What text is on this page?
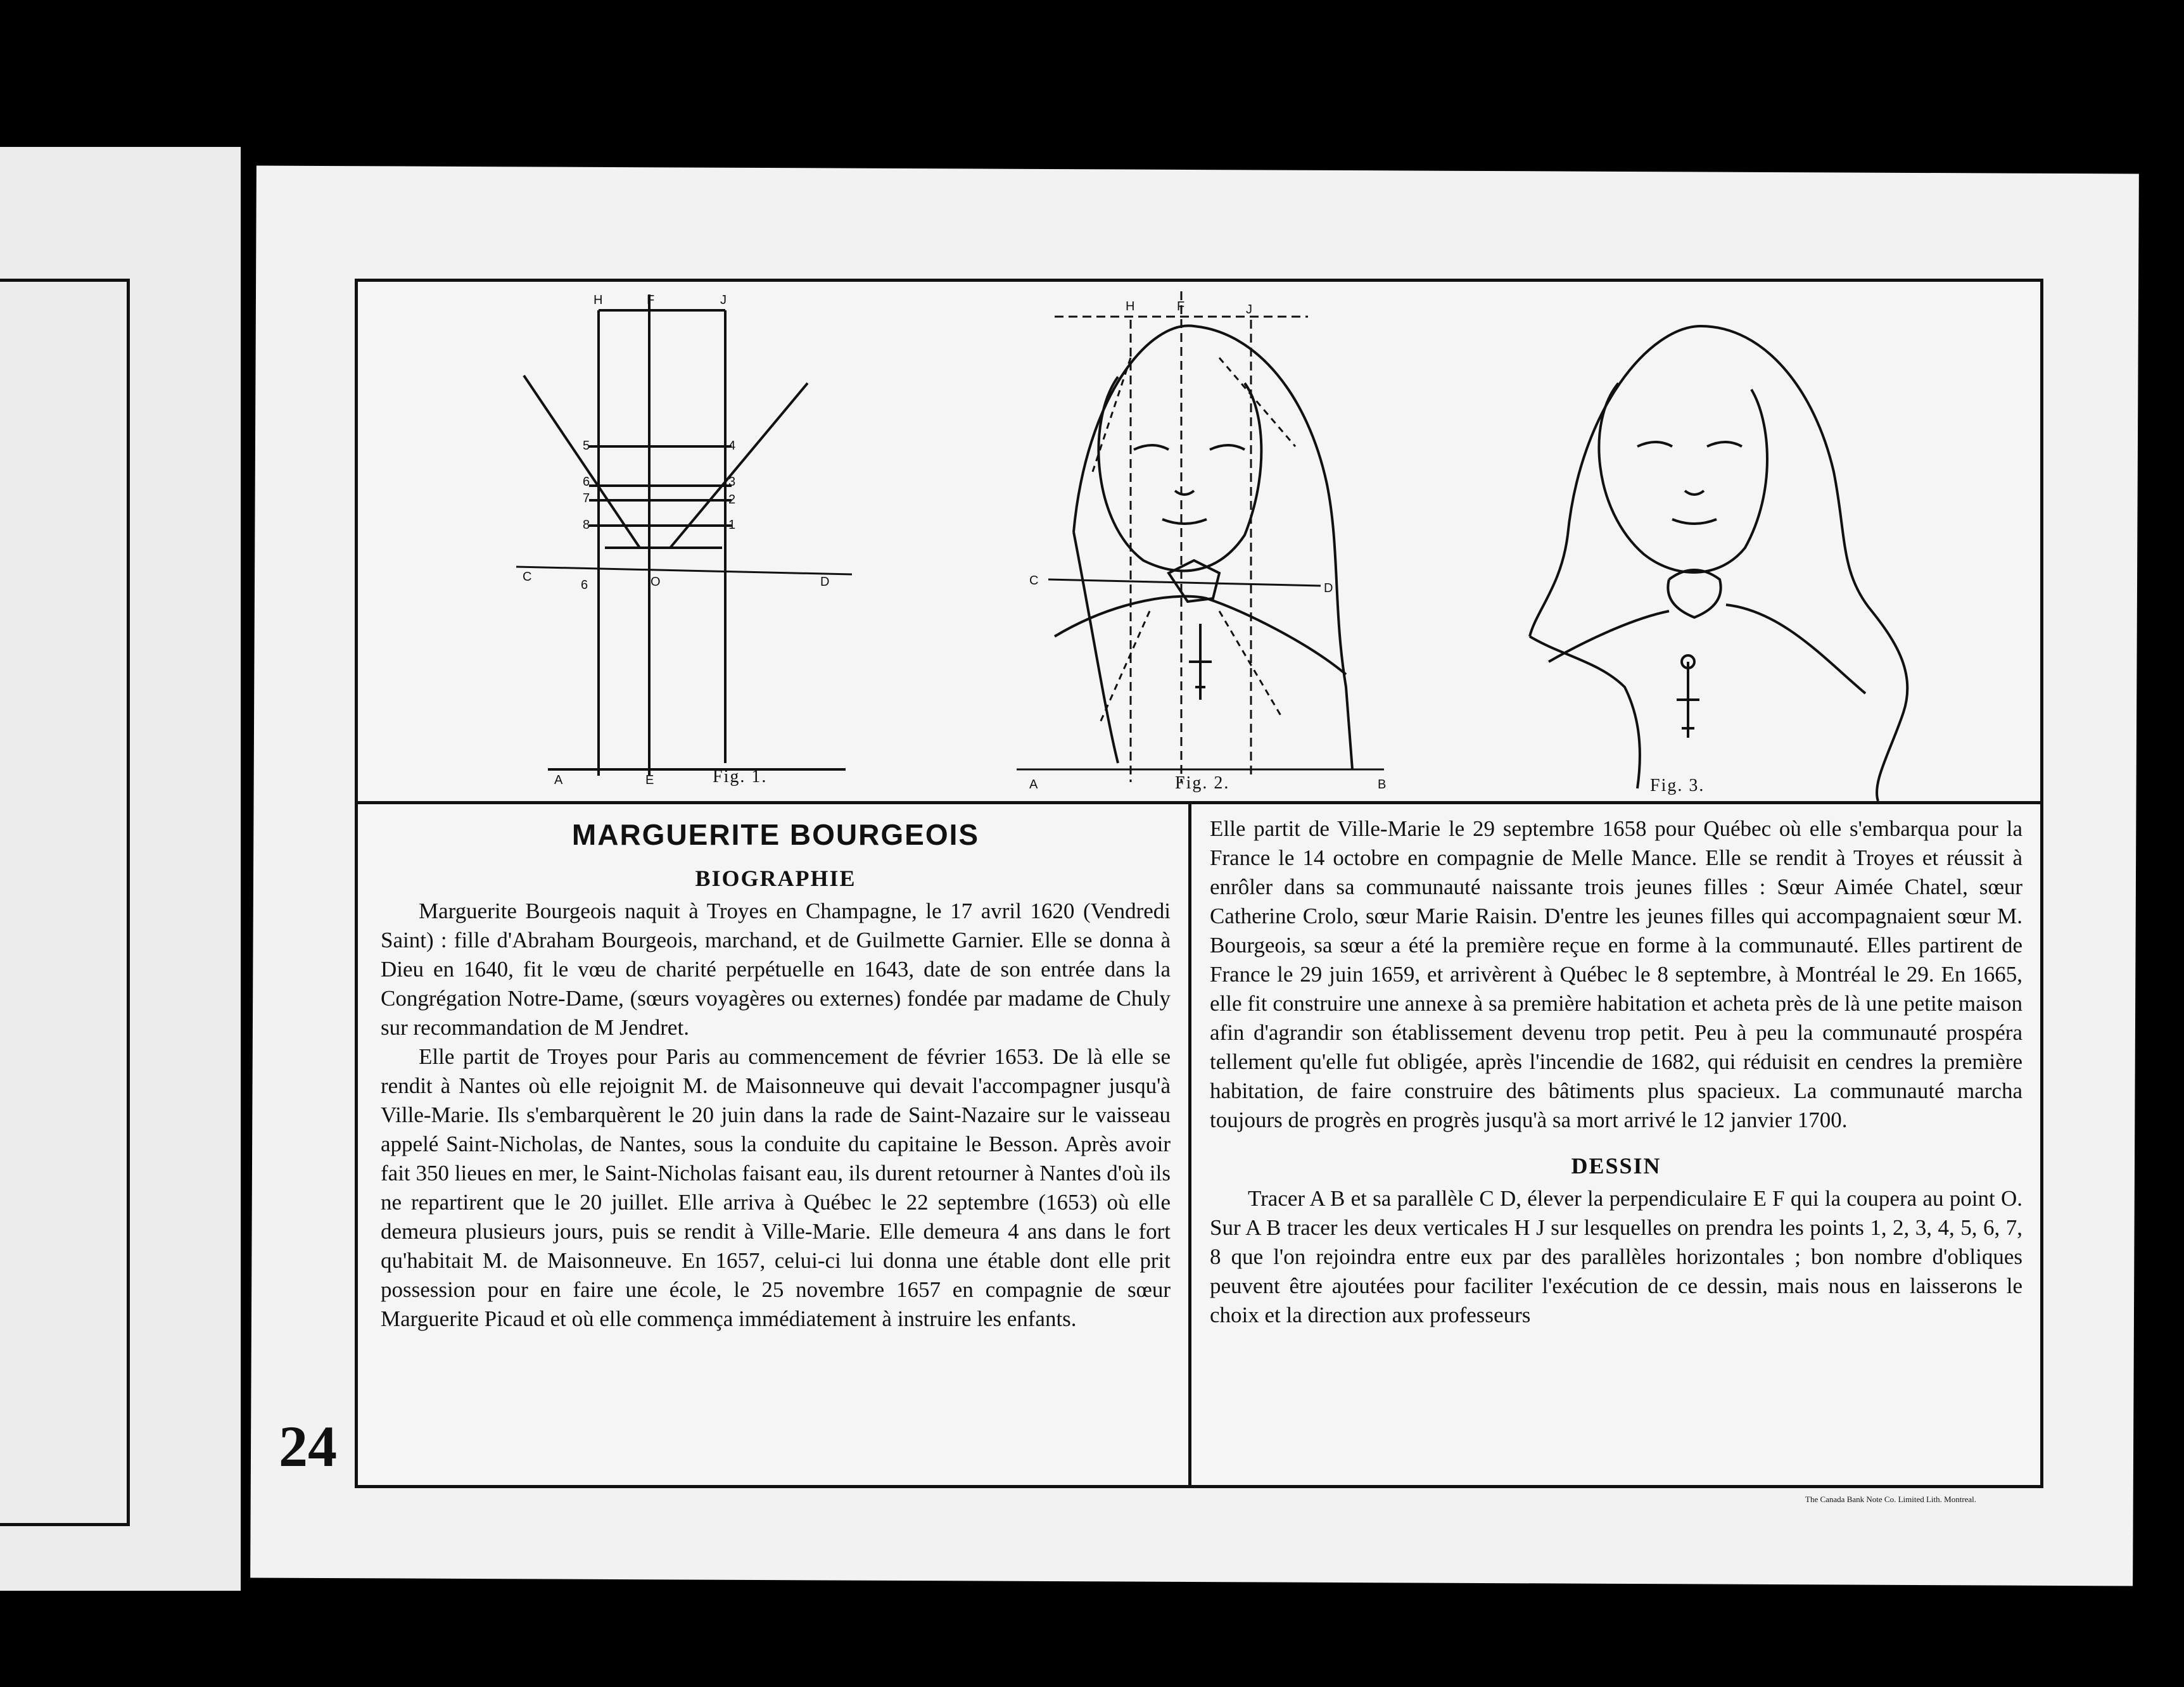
H	F	J
5	4
6	3
7	2
8	1
6	O
C	D
A	E
H	F	J
C
D
A	B
Fig. 1.	Fig. 2.	Fig. 3.
MARGUERITE BOURGEOIS
BIOGRAPHIE

Marguerite Bourgeois naquit à Troyes en Champagne, le 17 avril 1620 (Vendredi Saint) : fille d'Abraham Bourgeois, marchand, et de Guilmette Garnier. Elle se donna à Dieu en 1640, fit le vœu de charité perpétuelle en 1643, date de son entrée dans la Congrégation Notre-Dame, (sœurs voyagères ou externes) fondée par madame de Chuly sur recommandation de M Jendret.

Elle partit de Troyes pour Paris au commencement de février 1653. De là elle se rendit à Nantes où elle rejoignit M. de Maisonneuve qui devait l'accompagner jusqu'à Ville-Marie. Ils s'embarquèrent le 20 juin dans la rade de Saint-Nazaire sur le vaisseau appelé Saint-Nicholas, de Nantes, sous la conduite du capitaine le Besson. Après avoir fait 350 lieues en mer, le Saint-Nicholas faisant eau, ils durent retourner à Nantes d'où ils ne repartirent que le 20 juillet. Elle arriva à Québec le 22 septembre (1653) où elle demeura plusieurs jours, puis se rendit à Ville-Marie. Elle demeura 4 ans dans le fort qu'habitait M. de Maisonneuve. En 1657, celui-ci lui donna une étable dont elle prit possession pour en faire une école, le 25 novembre 1657 en compagnie de sœur Marguerite Picaud et où elle commença immédiatement à instruire les enfants.

Elle partit de Ville-Marie le 29 septembre 1658 pour Québec où elle s'embarqua pour la France le 14 octobre en compagnie de Melle Mance. Elle se rendit à Troyes et réussit à enrôler dans sa communauté naissante trois jeunes filles : Sœur Aimée Chatel, sœur Catherine Crolo, sœur Marie Raisin. D'entre les jeunes filles qui accompagnaient sœur M. Bourgeois, sa sœur a été la première reçue en forme à la communauté. Elles partirent de France le 29 juin 1659, et arrivèrent à Québec le 8 septembre, à Montréal le 29. En 1665, elle fit construire une annexe à sa première habitation et acheta près de là une petite maison afin d'agrandir son établissement devenu trop petit. Peu à peu la communauté prospéra tellement qu'elle fut obligée, après l'incendie de 1682, qui réduisit en cendres la première habitation, de faire construire des bâtiments plus spacieux. La communauté marcha toujours de progrès en progrès jusqu'à sa mort arrivé le 12 janvier 1700.

DESSIN

Tracer A B et sa parallèle C D, élever la perpendiculaire E F qui la coupera au point O. Sur A B tracer les deux verticales H J sur lesquelles on prendra les points 1, 2, 3, 4, 5, 6, 7, 8 que l'on rejoindra entre eux par des parallèles horizontales ; bon nombre d'obliques peuvent être ajoutées pour faciliter l'exécution de ce dessin, mais nous en laisserons le choix et la direction aux professeurs

24
The Canada Bank Note Co. Limited Lith. Montreal.
